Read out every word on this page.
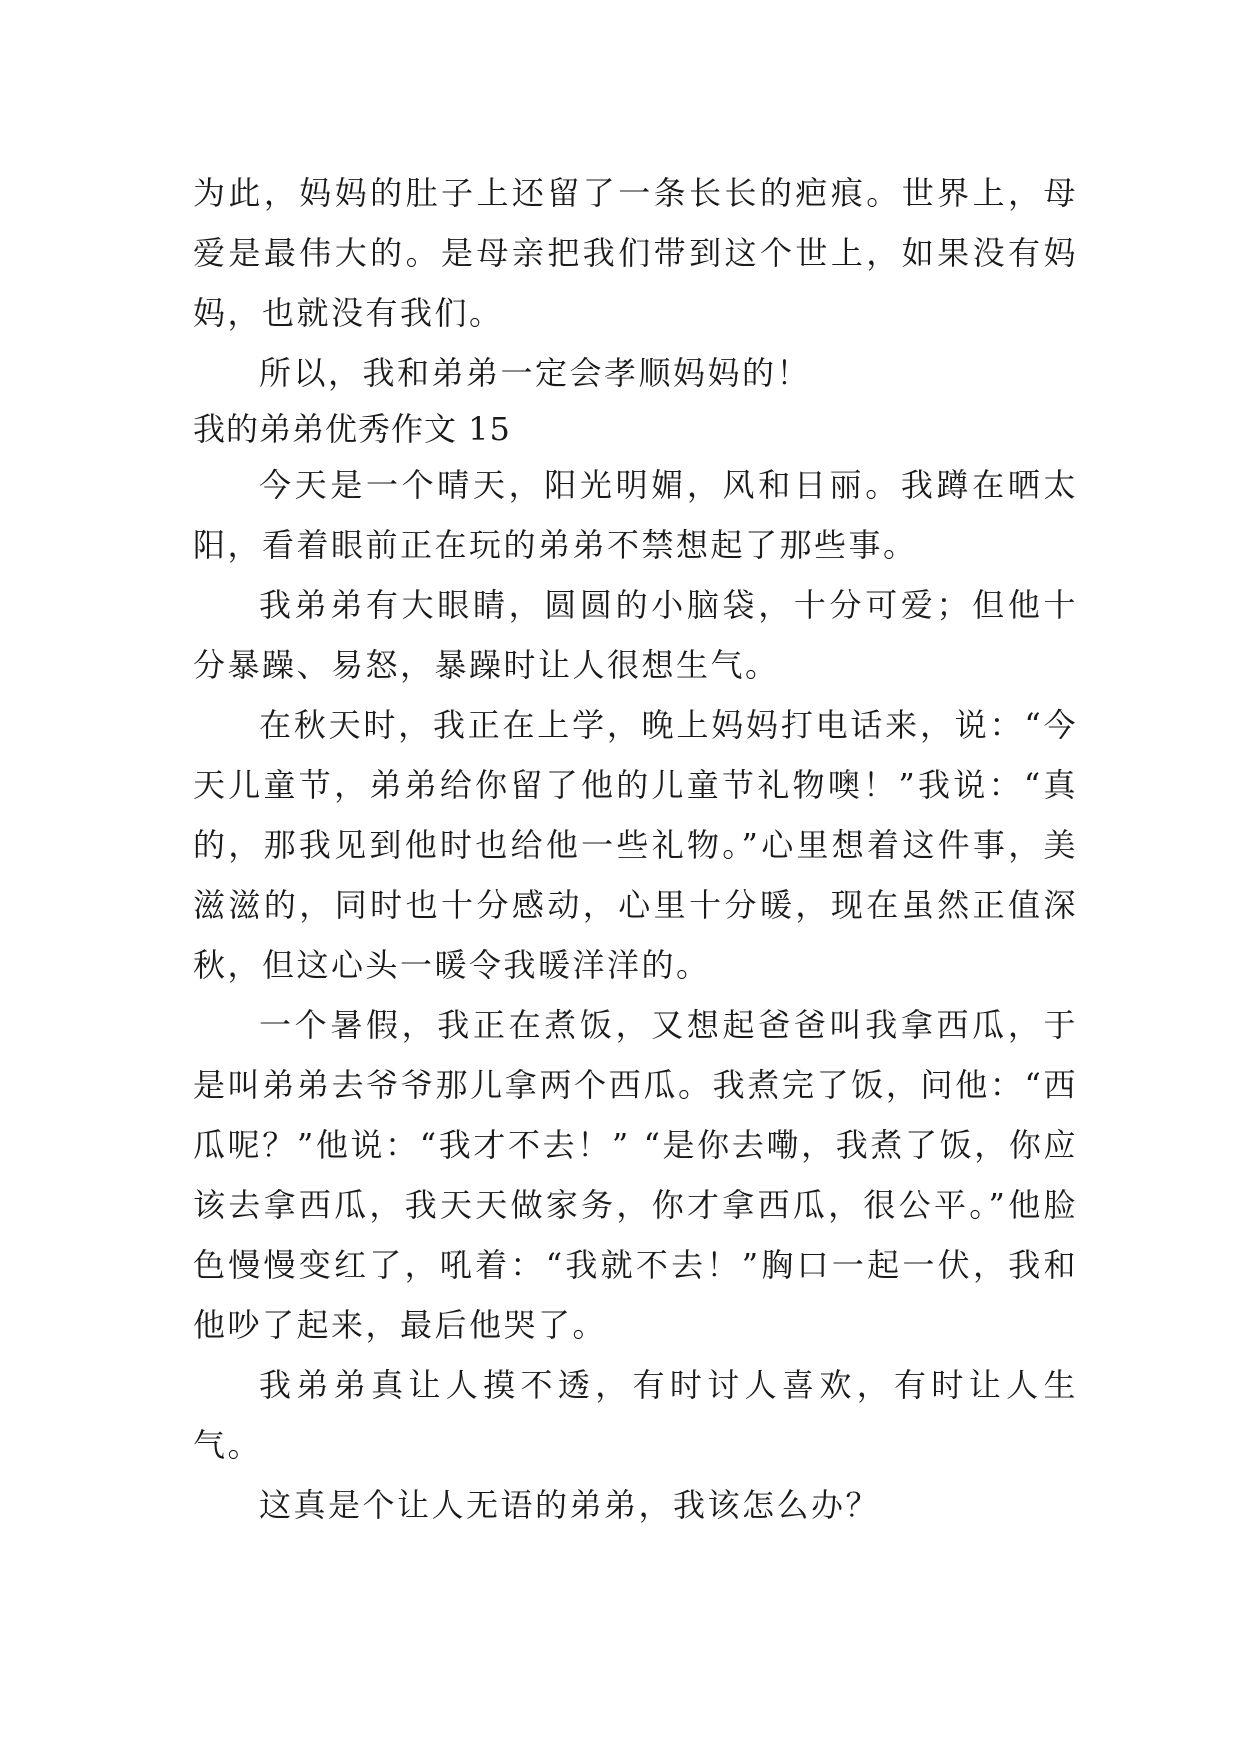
为此，妈妈的肚子上还留了一条长长的疤痕。世界上，母爱是最伟大的。是母亲把我们带到这个世上，如果没有妈妈，也就没有我们。

所以，我和弟弟一定会孝顺妈妈的！

我的弟弟优秀作文 15

今天是一个晴天，阳光明媚，风和日丽。我蹲在晒太阳，看着眼前正在玩的弟弟不禁想起了那些事。

我弟弟有大眼睛，圆圆的小脑袋，十分可爱；但他十分暴躁、易怒，暴躁时让人很想生气。

在秋天时，我正在上学，晚上妈妈打电话来，说：“今天儿童节，弟弟给你留了他的儿童节礼物噢！”我说：“真的，那我见到他时也给他一些礼物。”心里想着这件事，美滋滋的，同时也十分感动，心里十分暖，现在虽然正值深秋，但这心头一暖令我暖洋洋的。

一个暑假，我正在煮饭，又想起爸爸叫我拿西瓜，于是叫弟弟去爷爷那儿拿两个西瓜。我煮完了饭，问他：“西瓜呢？”他说：“我才不去！” “是你去嘞，我煮了饭，你应该去拿西瓜，我天天做家务，你才拿西瓜，很公平。”他脸色慢慢变红了，吼着：“我就不去！”胸口一起一伏，我和他吵了起来，最后他哭了。

我弟弟真让人摸不透，有时讨人喜欢，有时让人生气。

这真是个让人无语的弟弟，我该怎么办？
